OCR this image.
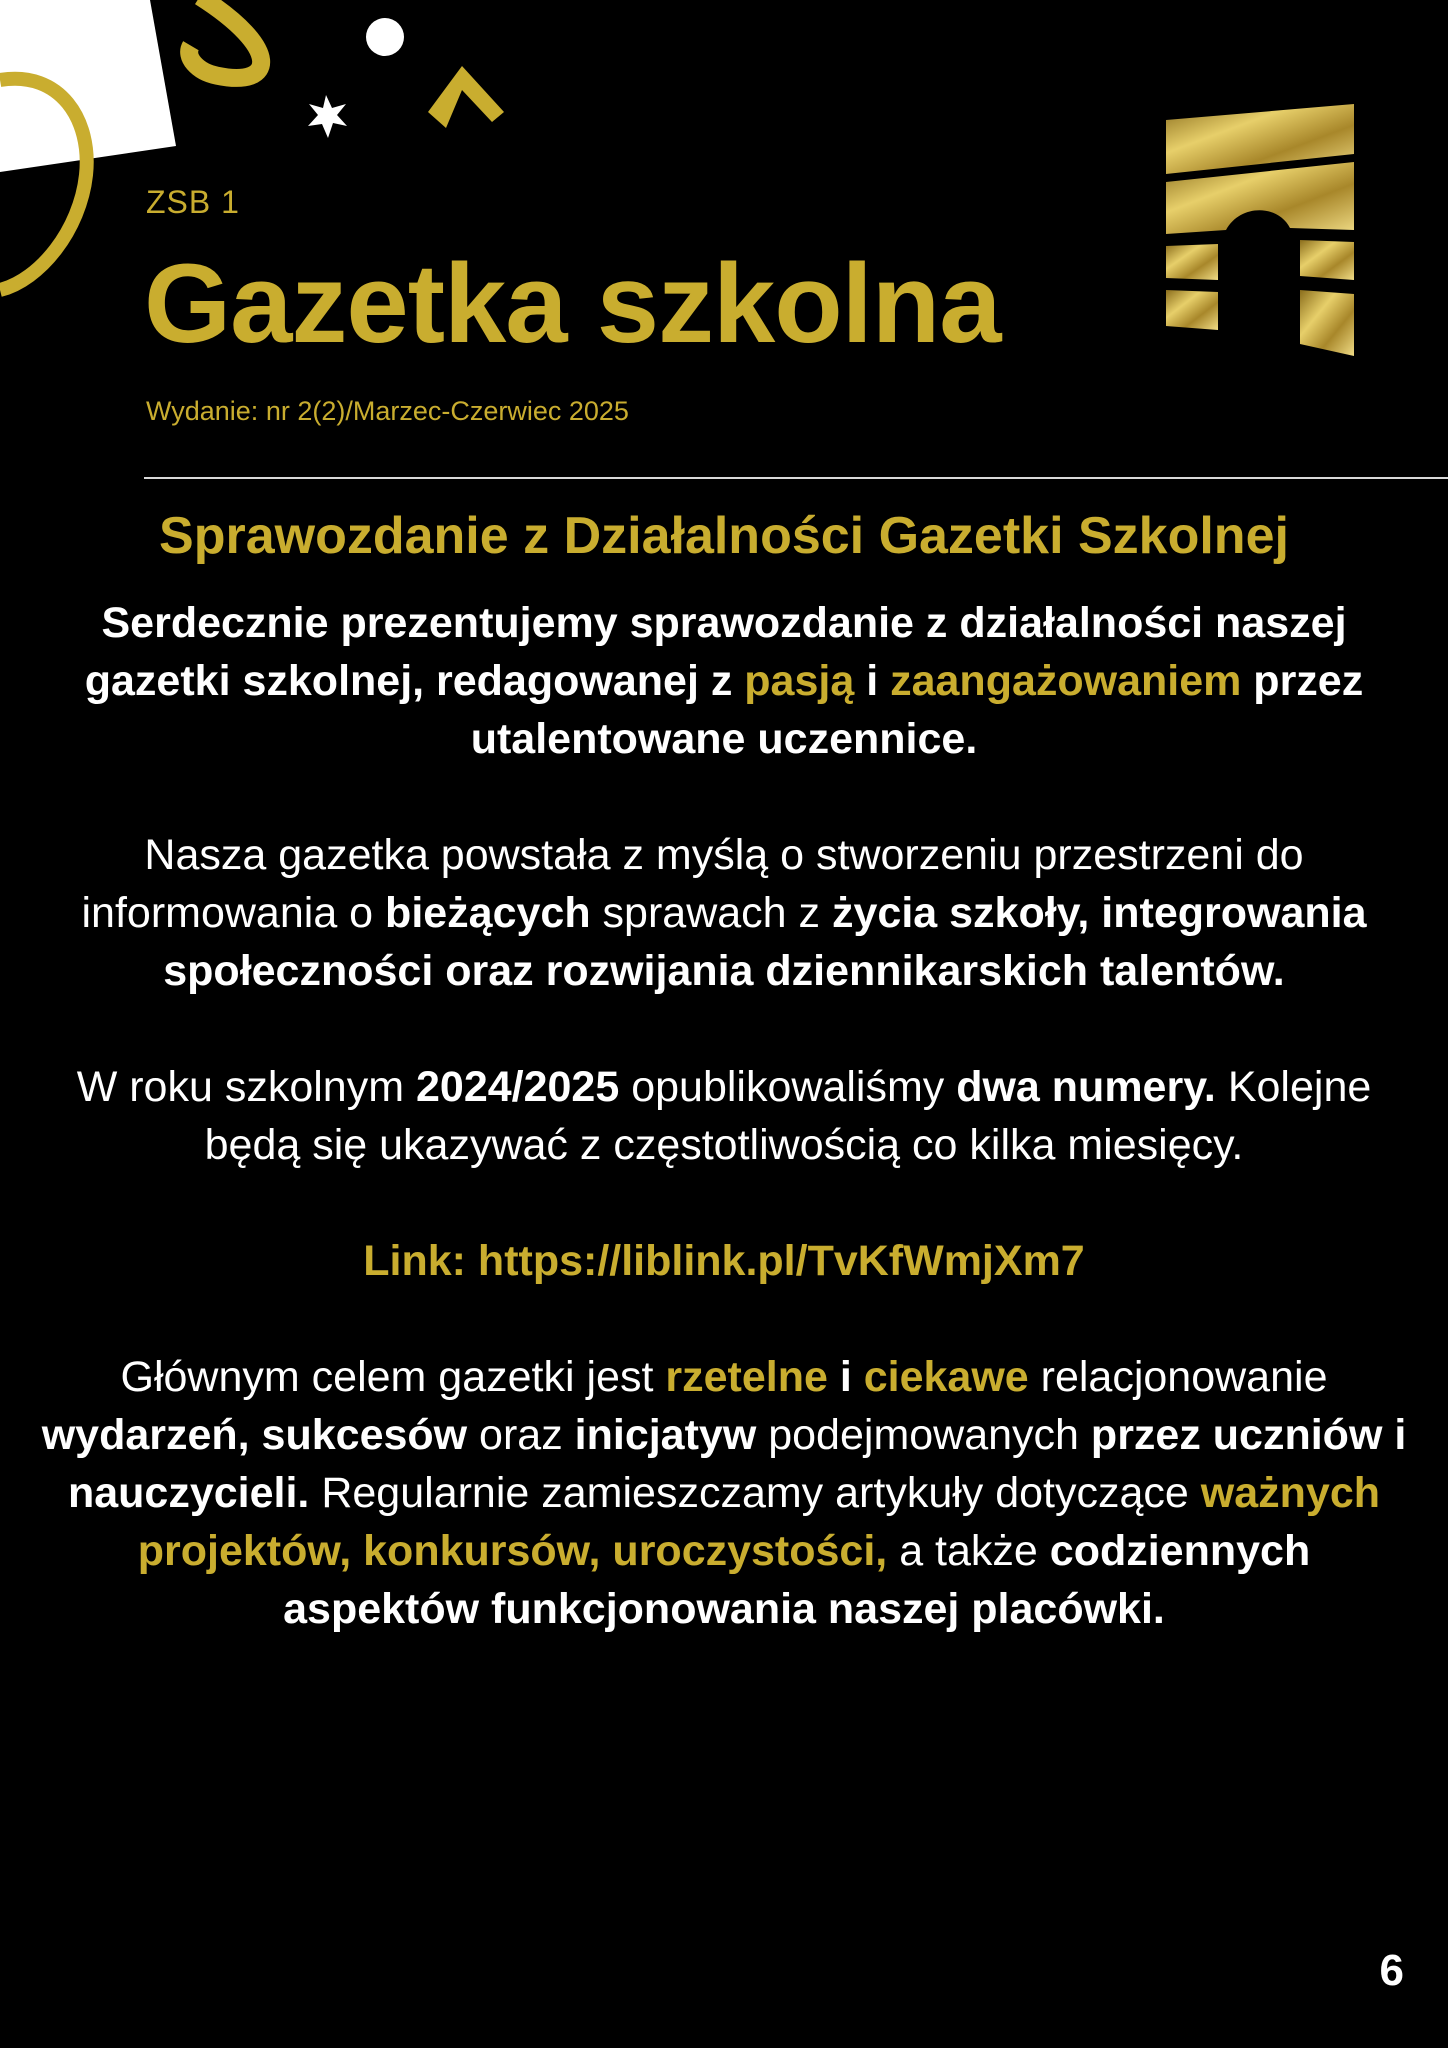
ZSB 1
Gazetka szkolna
Wydanie: nr 2(2)/Marzec-Czerwiec 2025
Sprawozdanie z Działalności Gazetki Szkolnej

Serdecznie prezentujemy sprawozdanie z działalności naszej gazetki szkolnej, redagowanej z pasją i zaangażowaniem przez utalentowane uczennice.

Nasza gazetka powstała z myślą o stworzeniu przestrzeni do informowania o bieżących sprawach z życia szkoły, integrowania społeczności oraz rozwijania dziennikarskich talentów.

W roku szkolnym 2024/2025 opublikowaliśmy dwa numery. Kolejne będą się ukazywać z częstotliwością co kilka miesięcy.

Link: https://liblink.pl/TvKfWmjXm7

Głównym celem gazetki jest rzetelne i ciekawe relacjonowanie wydarzeń, sukcesów oraz inicjatyw podejmowanych przez uczniów i nauczycieli. Regularnie zamieszczamy artykuły dotyczące ważnych projektów, konkursów, uroczystości, a także codziennych aspektów funkcjonowania naszej placówki.

6
